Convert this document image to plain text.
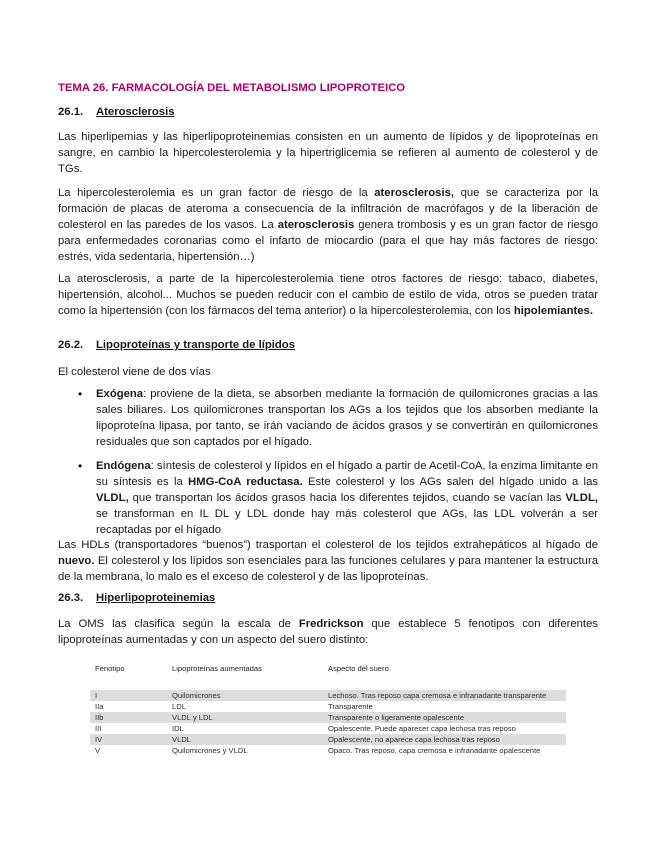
TEMA 26. FARMACOLOGÍA DEL METABOLISMO LIPOPROTEICO
26.1. Aterosclerosis

Las hiperlipemias y las hiperlipoproteinemias consisten en un aumento de lípidos y de lipoproteínas en sangre, en cambio la hipercolesterolemia y la hipertriglicemia se refieren al aumento de colesterol y de TGs.

La hipercolesterolemia es un gran factor de riesgo de la aterosclerosis, que se caracteriza por la formación de placas de ateroma a consecuencia de la infiltración de macrófagos y de la liberación de colesterol en las paredes de los vasos. La aterosclerosis genera trombosis y es un gran factor de riesgo para enfermedades coronarias como el infarto de miocardio (para el que hay más factores de riesgo: estrés, vida sedentaria, hipertensión…)

La aterosclerosis, a parte de la hipercolesterolemia tiene otros factores de riesgo: tabaco, diabetes, hipertensión, alcohol... Muchos se pueden reducir con el cambio de estilo de vida, otros se pueden tratar como la hipertensión (con los fármacos del tema anterior) o la hipercolesterolemia, con los hipolemiantes.

26.2. Lipoproteínas y transporte de lípidos

El colesterol viene de dos vías

• Exógena: proviene de la dieta, se absorben mediante la formación de quilomicrones gracias a las sales biliares. Los quilomicrones transportan los AGs a los tejidos que los absorben mediante la lipoproteína lipasa, por tanto, se irán vaciando de ácidos grasos y se convertirán en quilomicrones residuales que son captados por el hígado.
• Endógena: síntesis de colesterol y lípidos en el hígado a partir de Acetil-CoA, la enzima limitante en su síntesis es la HMG-CoA reductasa. Este colesterol y los AGs salen del hígado unido a las VLDL, que transportan los ácidos grasos hacia los diferentes tejidos, cuando se vacían las VLDL, se transforman en IL DL y LDL donde hay más colesterol que AGs, las LDL volverán a ser recaptadas por el hígado

Las HDLs (transportadores “buenos”) trasportan el colesterol de los tejidos extrahepáticos al hígado de nuevo. El colesterol y los lípidos son esenciales para las funciones celulares y para mantener la estructura de la membrana, lo malo es el exceso de colesterol y de las lipoproteínas.

26.3. Hiperlipoproteinemias

La OMS las clasifica según la escala de Fredrickson que establece 5 fenotipos con diferentes lipoproteínas aumentadas y con un aspecto del suero distinto:

Fenotipo	Lipoproteínas aumentadas	Aspecto del suero
I	Quilomicrones	Lechoso. Tras reposo capa cremosa e infranadante transparente
IIa	LDL	Transparente
IIb	VLDL y LDL	Transparente o ligeramente opalescente
III	IDL	Opalescente. Puede aparecer capa lechosa tras reposo
IV	VLDL	Opalescente, no aparece capa lechosa tras reposo
V	Quilomicrones y VLDL	Opaco. Tras reposo, capa cremosa e infranadante opalescente
